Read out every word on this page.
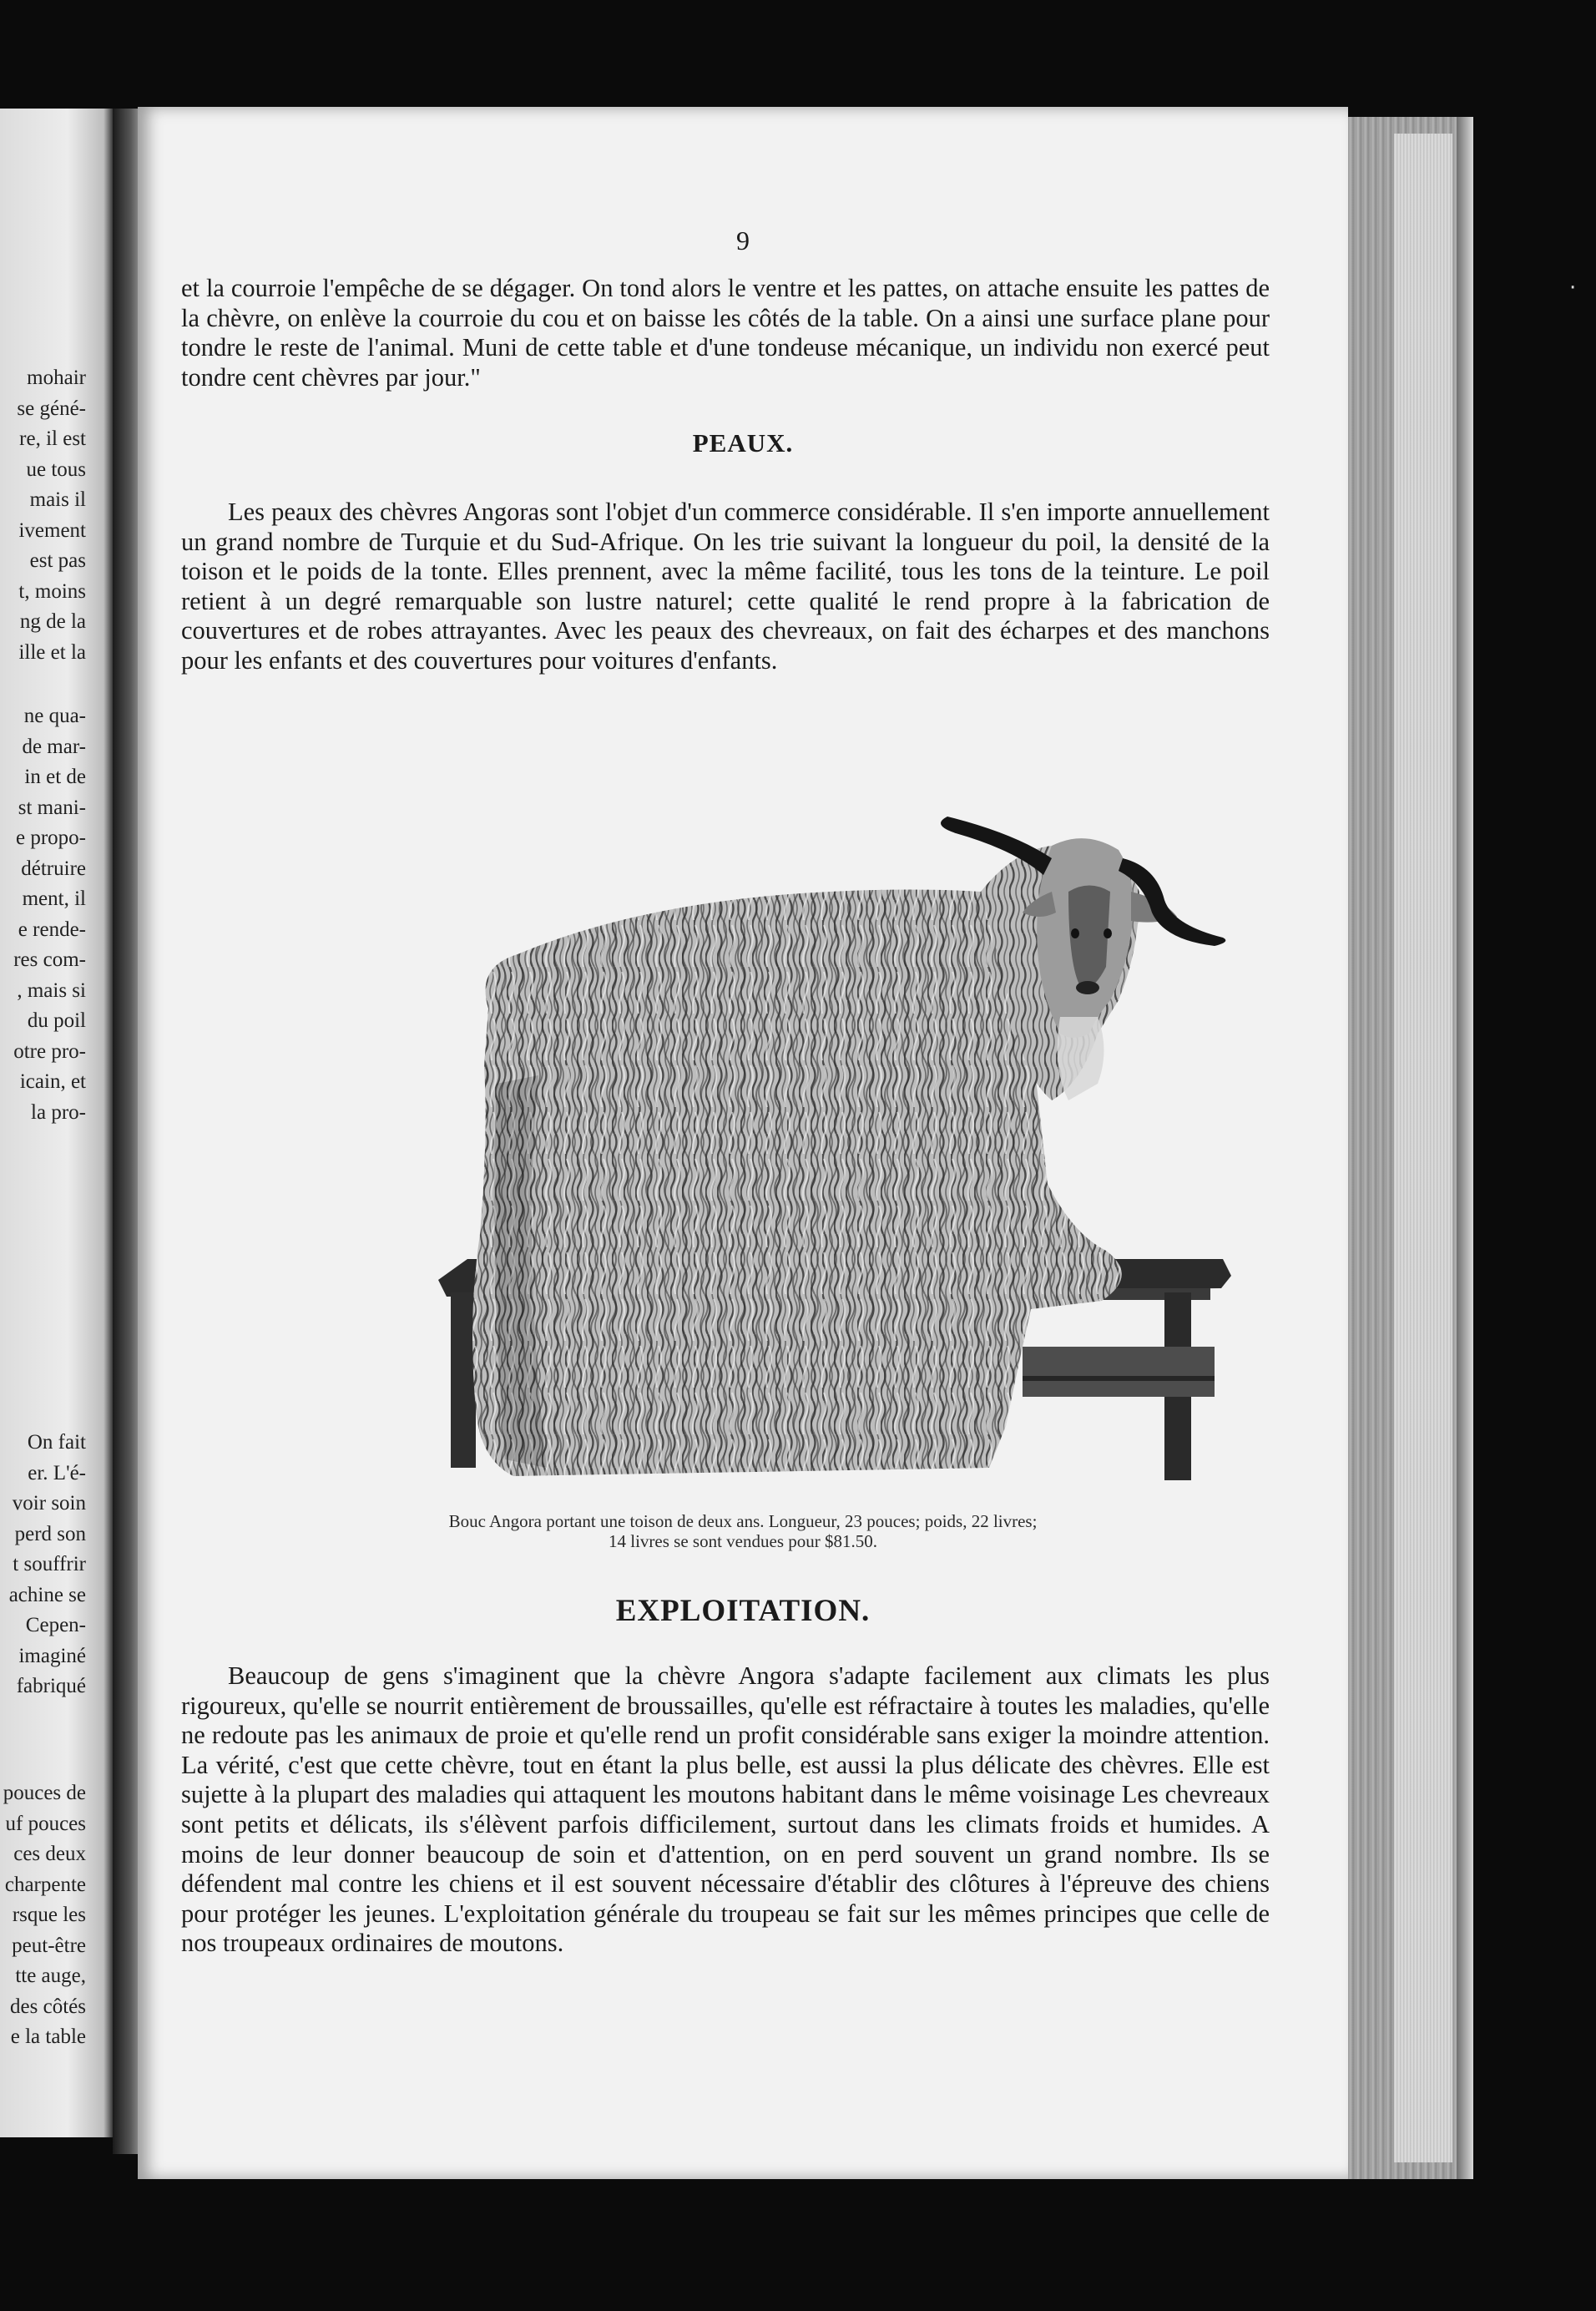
mohair
se géné-
re, il est
ue tous
mais il
ivement
est pas
t, moins
ng de la
ille et la
ne qua-
de mar-
in et de
st mani-
e propo-
détruire
ment, il
e rende-
res com-
, mais si
du poil
otre pro-
icain, et
la pro-
On fait
er. L'é-
voir soin
perd son
t souffrir
achine se
Cepen-
imaginé
fabriqué
pouces de
uf pouces
ces deux
charpente
rsque les
peut-être
tte auge,
des côtés
e la table
·
9

et la courroie l'empêche de se dégager. On tond alors le ventre et les pattes, on attache ensuite les pattes de la chèvre, on enlève la courroie du cou et on baisse les côtés de la table. On a ainsi une surface plane pour tondre le reste de l'animal. Muni de cette table et d'une tondeuse mécanique, un individu non exercé peut tondre cent chèvres par jour."

PEAUX.

Les peaux des chèvres Angoras sont l'objet d'un commerce considérable. Il s'en importe annuellement un grand nombre de Turquie et du Sud-Afrique. On les trie suivant la longueur du poil, la densité de la toison et le poids de la tonte. Elles prennent, avec la même facilité, tous les tons de la teinture. Le poil retient à un degré remarquable son lustre naturel; cette qualité le rend propre à la fabrication de couvertures et de robes attrayantes. Avec les peaux des chevreaux, on fait des écharpes et des manchons pour les enfants et des couvertures pour voitures d'enfants.

Bouc Angora portant une toison de deux ans. Longueur, 23 pouces; poids, 22 livres;
14 livres se sont vendues pour $81.50.

EXPLOITATION.

Beaucoup de gens s'imaginent que la chèvre Angora s'adapte facilement aux climats les plus rigoureux, qu'elle se nourrit entièrement de broussailles, qu'elle est réfractaire à toutes les maladies, qu'elle ne redoute pas les animaux de proie et qu'elle rend un profit considérable sans exiger la moindre attention. La vérité, c'est que cette chèvre, tout en étant la plus belle, est aussi la plus délicate des chèvres. Elle est sujette à la plupart des maladies qui attaquent les moutons habitant dans le même voisinage Les chevreaux sont petits et délicats, ils s'élèvent parfois difficilement, surtout dans les climats froids et humides. A moins de leur donner beaucoup de soin et d'attention, on en perd souvent un grand nombre. Ils se défendent mal contre les chiens et il est souvent nécessaire d'établir des clôtures à l'épreuve des chiens pour protéger les jeunes. L'exploitation générale du troupeau se fait sur les mêmes principes que celle de nos troupeaux ordinaires de moutons.
